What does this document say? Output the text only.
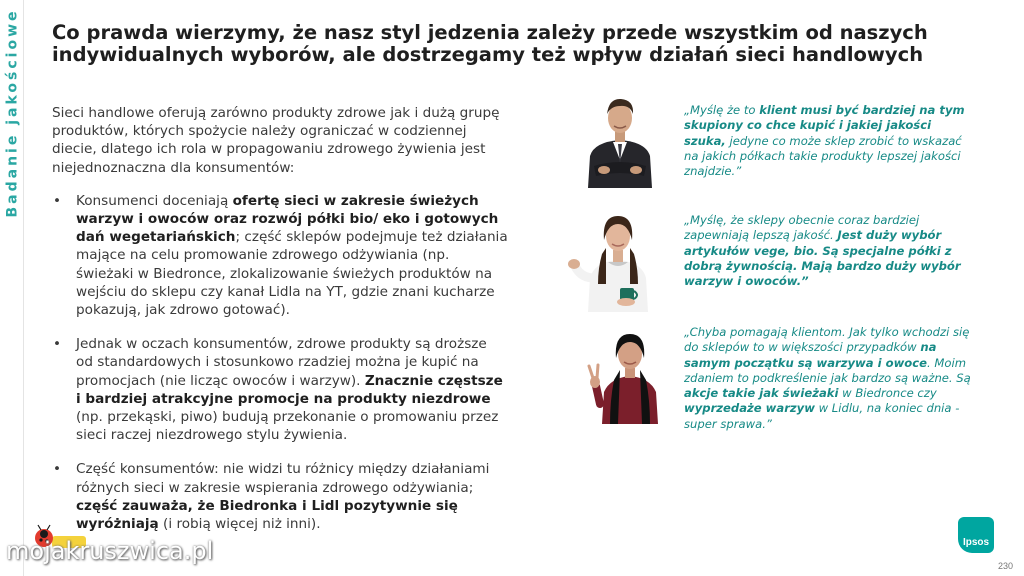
Badanie jakościowe Co prawda wierzymy, że nasz styl jedzenia zależy przede wszystkim od naszych indywidualnych wyborów, ale dostrzegamy też wpływ działań sieci handlowych

Sieci handlowe oferują zarówno produkty zdrowe jak i dużą grupę produktów, których spożycie należy ograniczać w codziennej diecie, dlatego ich rola w propagowaniu zdrowego żywienia jest niejednoznaczna dla konsumentów:

• Konsumenci doceniają ofertę sieci w zakresie świeżych warzyw i owoców oraz rozwój półki bio/ eko i gotowych dań wegetariańskich; część sklepów podejmuje też działania mające na celu promowanie zdrowego odżywiania (np. świeżaki w Biedronce, zlokalizowanie świeżych produktów na wejściu do sklepu czy kanał Lidla na YT, gdzie znani kucharze pokazują, jak zdrowo gotować).
• Jednak w oczach konsumentów, zdrowe produkty są droższe od standardowych i stosunkowo rzadziej można je kupić na promocjach (nie licząc owoców i warzyw). Znacznie częstsze i bardziej atrakcyjne promocje na produkty niezdrowe (np. przekąski, piwo) budują przekonanie o promowaniu przez sieci raczej niezdrowego stylu żywienia.
• Część konsumentów: nie widzi tu różnicy między działaniami różnych sieci w zakresie wspierania zdrowego odżywiania; część zauważa, że Biedronka i Lidl pozytywnie się wyróżniają (i robią więcej niż inni).
„Myślę że to klient musi być bardziej na tym skupiony co chce kupić i jakiej jakości szuka, jedyne co może sklep zrobić to wskazać na jakich półkach takie produkty lepszej jakości znajdzie.”
„Myślę, że sklepy obecnie coraz bardziej zapewniają lepszą jakość. Jest duży wybór artykułów vege, bio. Są specjalne półki z dobrą żywnością. Mają bardzo duży wybór warzyw i owoców.”
„Chyba pomagają klientom. Jak tylko wchodzi się do sklepów to w większości przypadków na samym początku są warzywa i owoce. Moim zdaniem to podkreślenie jak bardzo są ważne. Są akcje takie jak świeżaki w Biedronce czy wyprzedaże warzyw w Lidlu, na koniec dnia - super sprawa.”
mojakruszwica.pl	Ipsos
230
